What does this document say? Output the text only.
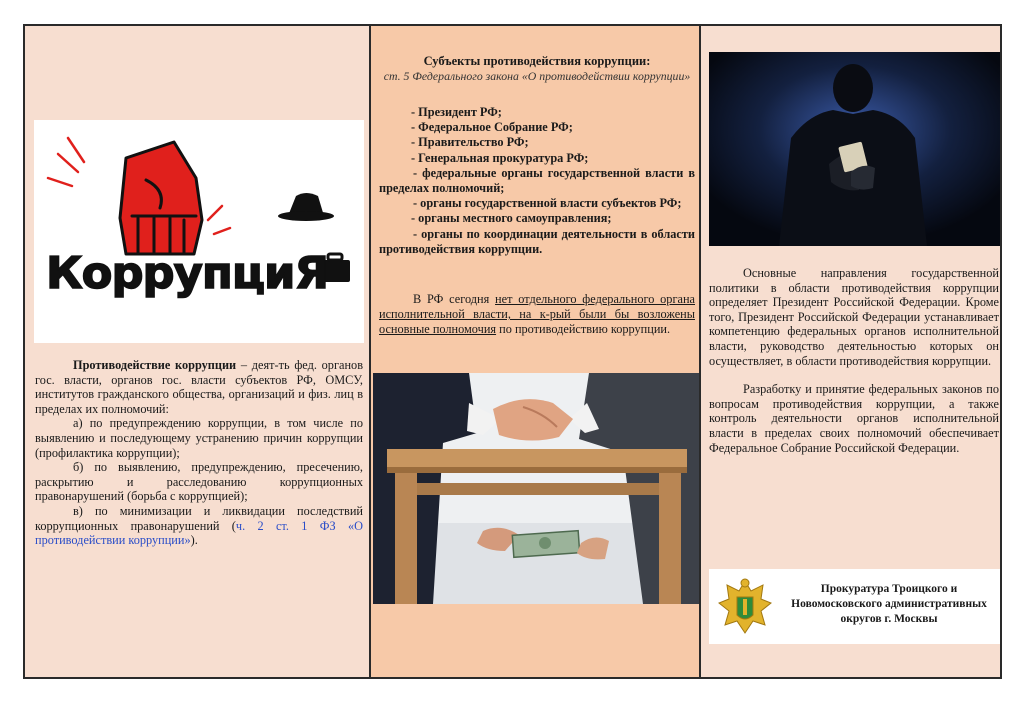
КоррупциЯ

Противодействие коррупции – деят-ть фед. органов гос. власти, органов гос. власти субъектов РФ, ОМСУ, институтов гражданского общества, организаций и физ. лиц в пределах их полномочий:

а) по предупреждению коррупции, в том числе по выявлению и последующему устранению причин коррупции (профилактика коррупции);

б) по выявлению, предупреждению, пресечению, раскрытию и расследованию коррупционных правонарушений (борьба с коррупцией);

в) по минимизации и ликвидации последствий коррупционных правонарушений (ч. 2 ст. 1 ФЗ «О противодействии коррупции»).

Субъекты противодействия коррупции:
ст. 5 Федерального закона «О противодействии коррупции»
- Президент РФ;
- Федеральное Собрание РФ;
- Правительство РФ;
- Генеральная прокуратура РФ;
- федеральные органы государственной власти в пределах полномочий;
- органы государственной власти субъектов РФ;
- органы местного самоуправления;
- органы по координации деятельности в области противодействия коррупции.
В РФ сегодня нет отдельного федерального органа исполнительной власти, на к-рый были бы возложены основные полномочия по противодействию коррупции.

Основные направления государственной политики в области противодействия коррупции определяет Президент Российской Федерации. Кроме того, Президент Российской Федерации устанавливает компетенцию федеральных органов исполнительной власти, руководство деятельностью которых он осуществляет, в области противодействия коррупции.

Разработку и принятие федеральных законов по вопросам противодействия коррупции, а также контроль деятельности органов исполнительной власти в пределах своих полномочий обеспечивает Федеральное Собрание Российской Федерации.

Прокуратура Троицкого и Новомосковского административных округов г. Москвы
